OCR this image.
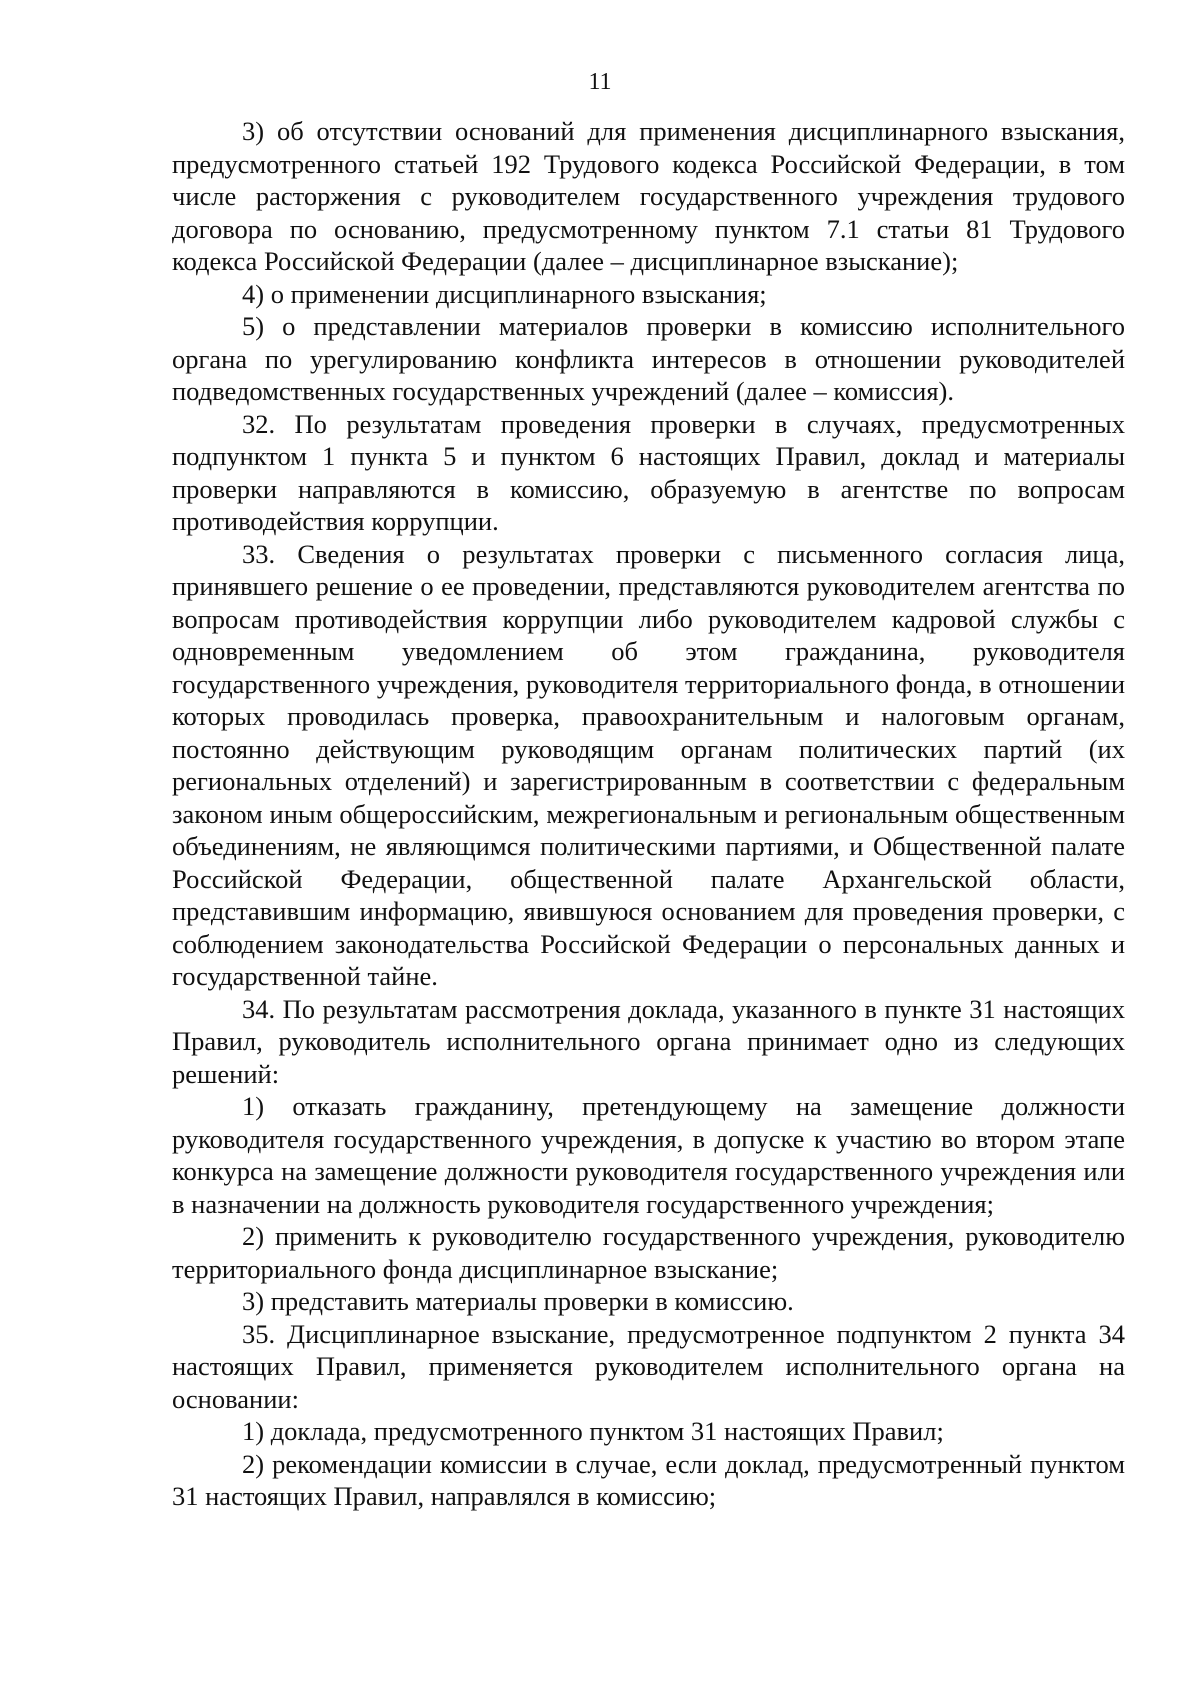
11

3) об отсутствии оснований для применения дисциплинарного взыскания, предусмотренного статьей 192 Трудового кодекса Российской Федерации, в том числе расторжения с руководителем государственного учреждения трудового договора по основанию, предусмотренному пунктом 7.1 статьи 81 Трудового кодекса Российской Федерации (далее – дисциплинарное взыскание);

4) о применении дисциплинарного взыскания;

5) о представлении материалов проверки в комиссию исполнительного органа по урегулированию конфликта интересов в отношении руководителей подведомственных государственных учреждений (далее – комиссия).

32. По результатам проведения проверки в случаях, предусмотренных подпунктом 1 пункта 5 и пунктом 6 настоящих Правил, доклад и материалы проверки направляются в комиссию, образуемую в агентстве по вопросам противодействия коррупции.

33. Сведения о результатах проверки с письменного согласия лица, принявшего решение о ее проведении, представляются руководителем агентства по вопросам противодействия коррупции либо руководителем кадровой службы с одновременным уведомлением об этом гражданина, руководителя государственного учреждения, руководителя территориального фонда, в отношении которых проводилась проверка, правоохранительным и налоговым органам, постоянно действующим руководящим органам политических партий (их региональных отделений) и зарегистрированным в соответствии с федеральным законом иным общероссийским, межрегиональным и региональным общественным объединениям, не являющимся политическими партиями, и Общественной палате Российской Федерации, общественной палате Архангельской области, представившим информацию, явившуюся основанием для проведения проверки, с соблюдением законодательства Российской Федерации о персональных данных и государственной тайне.

34. По результатам рассмотрения доклада, указанного в пункте 31 настоящих Правил, руководитель исполнительного органа принимает одно из следующих решений:

1) отказать гражданину, претендующему на замещение должности руководителя государственного учреждения, в допуске к участию во втором этапе конкурса на замещение должности руководителя государственного учреждения или в назначении на должность руководителя государственного учреждения;

2) применить к руководителю государственного учреждения, руководителю территориального фонда дисциплинарное взыскание;

3) представить материалы проверки в комиссию.

35. Дисциплинарное взыскание, предусмотренное подпунктом 2 пункта 34 настоящих Правил, применяется руководителем исполнительного органа на основании:

1) доклада, предусмотренного пунктом 31 настоящих Правил;

2) рекомендации комиссии в случае, если доклад, предусмотренный пунктом 31 настоящих Правил, направлялся в комиссию;
